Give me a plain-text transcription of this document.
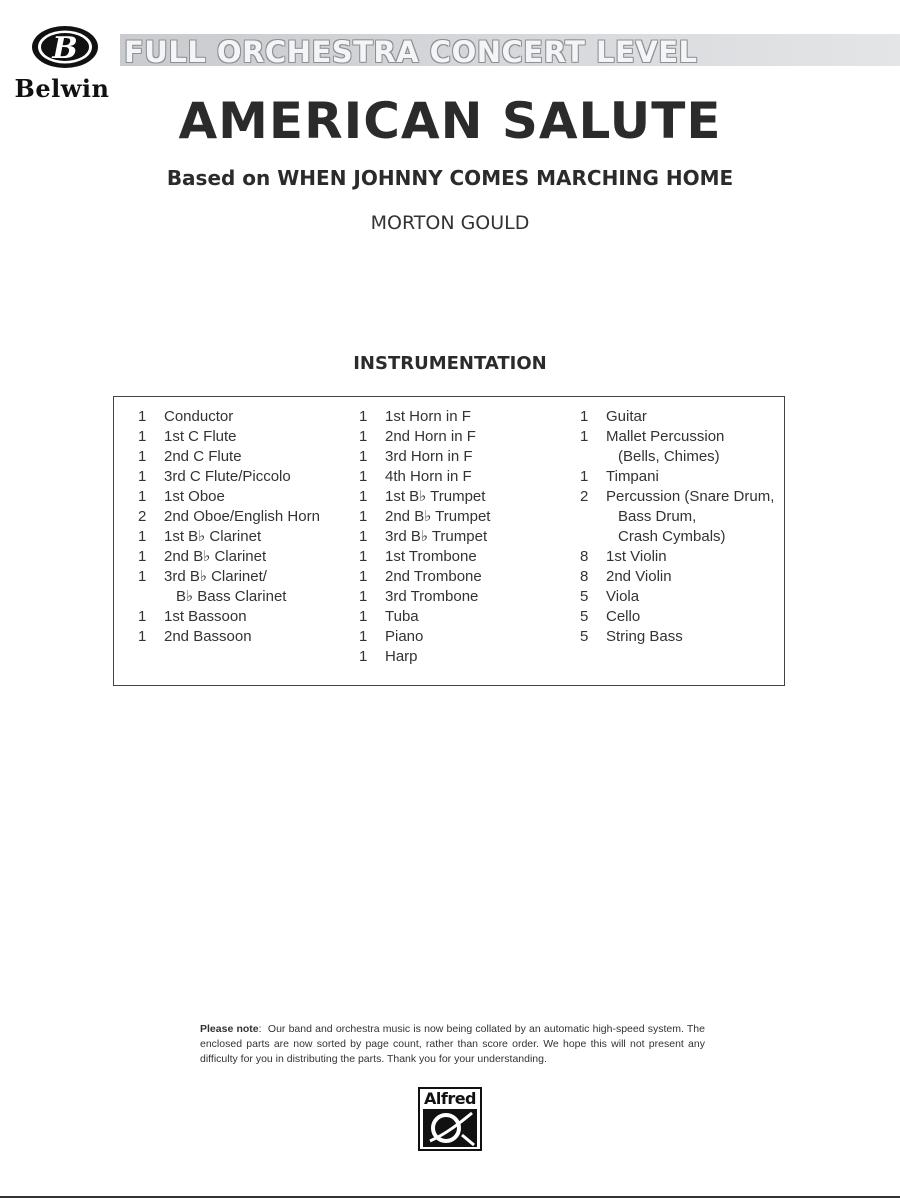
B
Belwin
FULL ORCHESTRA CONCERT LEVEL
AMERICAN SALUTE
Based on WHEN JOHNNY COMES MARCHING HOME
MORTON GOULD
INSTRUMENTATION
1	Conductor
1	1st C Flute
1	2nd C Flute
1	3rd C Flute/Piccolo
1	1st Oboe
2	2nd Oboe/English Horn
1	1st B♭ Clarinet
1	2nd B♭ Clarinet
1	3rd B♭ Clarinet/
B♭ Bass Clarinet
1	1st Bassoon
1	2nd Bassoon
1	1st Horn in F
1	2nd Horn in F
1	3rd Horn in F
1	4th Horn in F
1	1st B♭ Trumpet
1	2nd B♭ Trumpet
1	3rd B♭ Trumpet
1	1st Trombone
1	2nd Trombone
1	3rd Trombone
1	Tuba
1	Piano
1	Harp
1	Guitar
1	Mallet Percussion
(Bells, Chimes)
1	Timpani
2	Percussion (Snare Drum,
Bass Drum,
Crash Cymbals)
8	1st Violin
8	2nd Violin
5	Viola
5	Cello
5	String Bass
Please note:  Our band and orchestra music is now being collated by an automatic high-speed system. The enclosed parts are now sorted by page count, rather than score order. We hope this will not present any difficulty for you in distributing the parts. Thank you for your understanding.
Alfred
